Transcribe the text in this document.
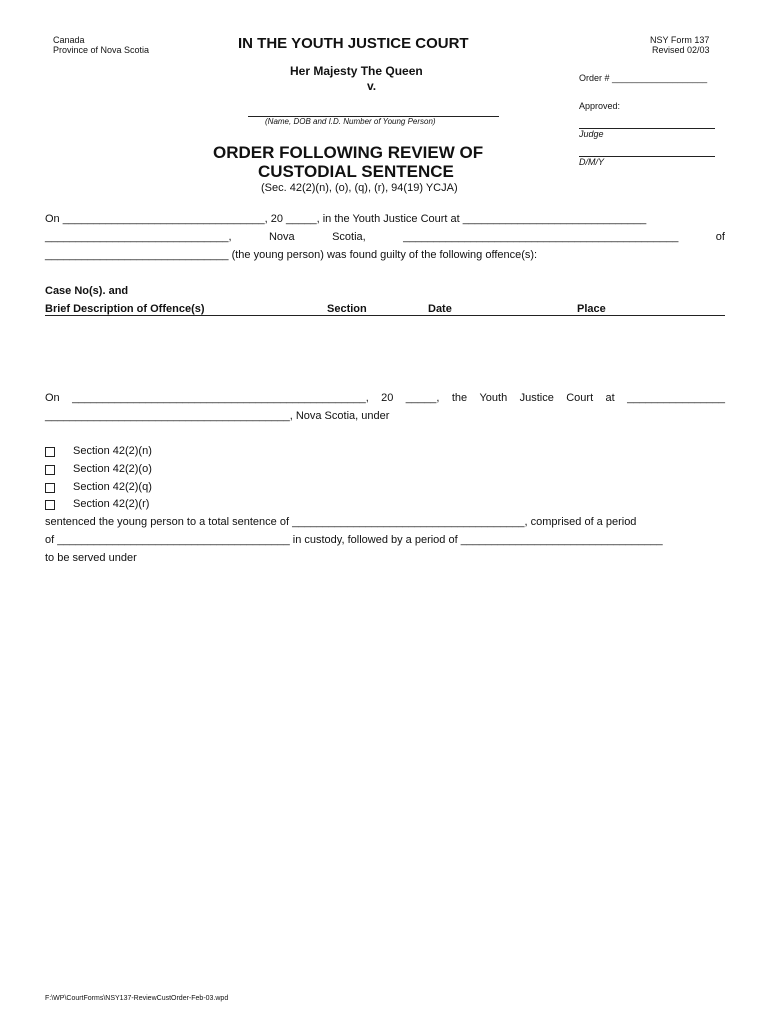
Canada
Province of Nova Scotia	IN THE YOUTH JUSTICE COURT	NSY Form 137
Revised 02/03
Her Majesty The Queen
v.
(Name, DOB and I.D. Number of Young Person)
Order # ___________________
Approved:
Judge
D/M/Y
ORDER FOLLOWING REVIEW OF
CUSTODIAL SENTENCE
(Sec. 42(2)(n), (o), (q), (r), 94(19) YCJA)
On _________________________________, 20 _____, in the Youth Justice Court at ______________________________
______________________________,	Nova	Scotia,	_____________________________________________	of
______________________________ (the young person) was found guilty of the following offence(s):
Case No(s). and
Brief Description of Offence(s)	Section	Date	Place
On ________________________________________________, 20 _____, the Youth Justice Court at ________________
________________________________________, Nova Scotia, under
Section 42(2)(n)
Section 42(2)(o)
Section 42(2)(q)
Section 42(2)(r)
sentenced the young person to a total sentence of ______________________________________, comprised of a period
of ______________________________________ in custody, followed by a period of _________________________________
to be served under
F:\WP\CourtForms\NSY137-ReviewCustOrder-Feb-03.wpd
